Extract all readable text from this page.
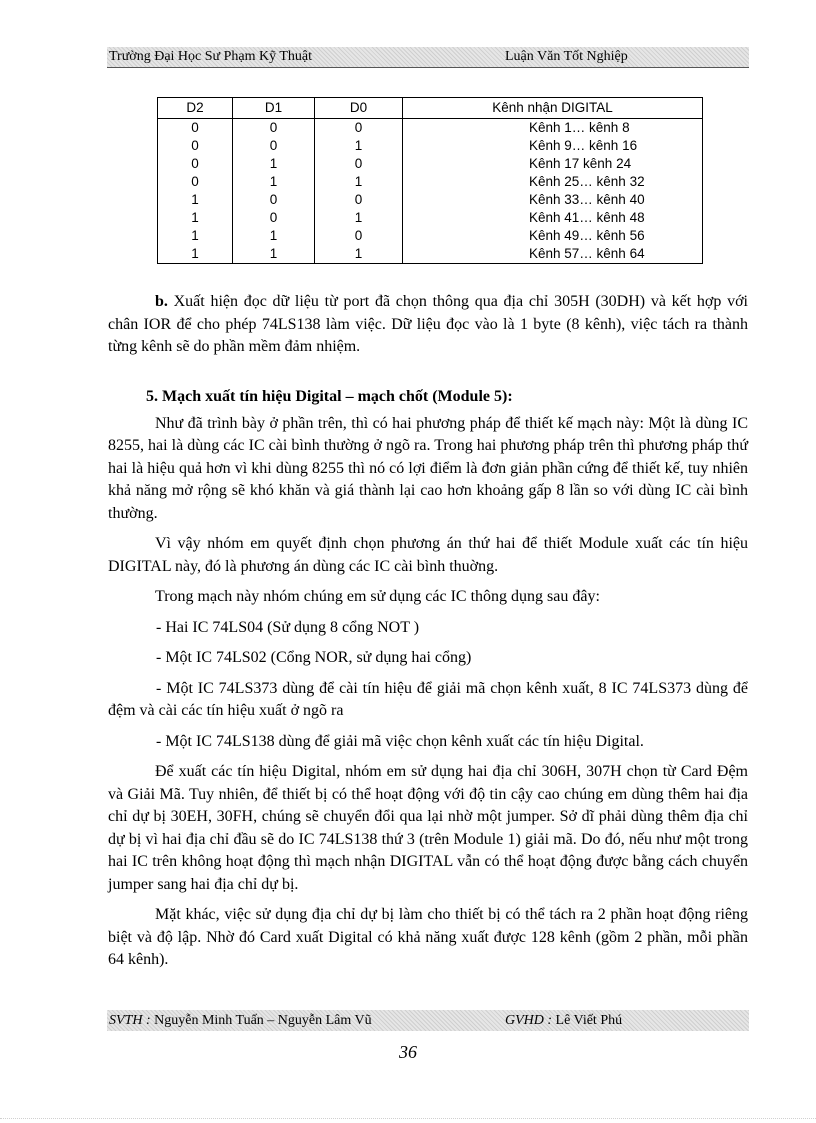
Trường Đại Học Sư Phạm Kỹ Thuật	Luận Văn Tốt Nghiệp
D2	D1	D0	Kênh nhận DIGITAL
0	0	0	Kênh 1… kênh 8
0	0	1	Kênh 9… kênh 16
0	1	0	Kênh 17 kênh 24
0	1	1	Kênh 25… kênh 32
1	0	0	Kênh 33… kênh 40
1	0	1	Kênh 41… kênh 48
1	1	0	Kênh 49… kênh 56
1	1	1	Kênh 57… kênh 64

b. Xuất hiện đọc dữ liệu từ port đã chọn thông qua địa chỉ 305H (30DH) và kết hợp với chân IOR để cho phép 74LS138 làm việc. Dữ liệu đọc vào là 1 byte (8 kênh), việc tách ra thành từng kênh sẽ do phần mềm đảm nhiệm.

5. Mạch xuất tín hiệu Digital – mạch chốt (Module 5):

Như đã trình bày ở phần trên, thì có hai phương pháp để thiết kế mạch này: Một là dùng IC 8255, hai là dùng các IC cài bình thường ở ngõ ra. Trong hai phương pháp trên thì phương pháp thứ hai là hiệu quả hơn vì khi dùng 8255 thì nó có lợi điểm là đơn giản phần cứng để thiết kế, tuy nhiên khả năng mở rộng sẽ khó khăn và giá thành lại cao hơn khoảng gấp 8 lần so với dùng IC cài bình thường.

Vì vậy nhóm em quyết định chọn phương án thứ hai để thiết Module xuất các tín hiệu DIGITAL này, đó là phương án dùng các IC cài bình thuờng.

Trong mạch này nhóm chúng em sử dụng các IC thông dụng sau đây:

- Hai IC 74LS04 (Sử dụng 8 cổng NOT )

- Một IC 74LS02 (Cổng NOR, sử dụng hai cổng)

- Một IC 74LS373 dùng để cài tín hiệu để giải mã chọn kênh xuất, 8 IC 74LS373 dùng để đệm và cài các tín hiệu xuất ở ngõ ra

- Một IC 74LS138 dùng để giải mã việc chọn kênh xuất các tín hiệu Digital.

Để xuất các tín hiệu Digital, nhóm em sử dụng hai địa chỉ 306H, 307H chọn từ Card Đệm và Giải Mã. Tuy nhiên, để thiết bị có thể hoạt động với độ tin cậy cao chúng em dùng thêm hai địa chỉ dự bị 30EH, 30FH, chúng sẽ chuyển đổi qua lại nhờ một jumper. Sở dĩ phải dùng thêm địa chỉ dự bị vì hai địa chỉ đầu sẽ do IC 74LS138 thứ 3 (trên Module 1) giải mã. Do đó, nếu như một trong hai IC trên không hoạt động thì mạch nhận DIGITAL vẫn có thể hoạt động được bằng cách chuyển jumper sang hai địa chỉ dự bị.

Mặt khác, việc sử dụng địa chỉ dự bị làm cho thiết bị có thể tách ra 2 phần hoạt động riêng biệt và độ lập. Nhờ đó Card xuất Digital có khả năng xuất được 128 kênh (gồm 2 phần, mỗi phần 64 kênh).

SVTH : Nguyễn Minh Tuấn – Nguyễn Lâm Vũ	GVHD : Lê Viết Phú
36
